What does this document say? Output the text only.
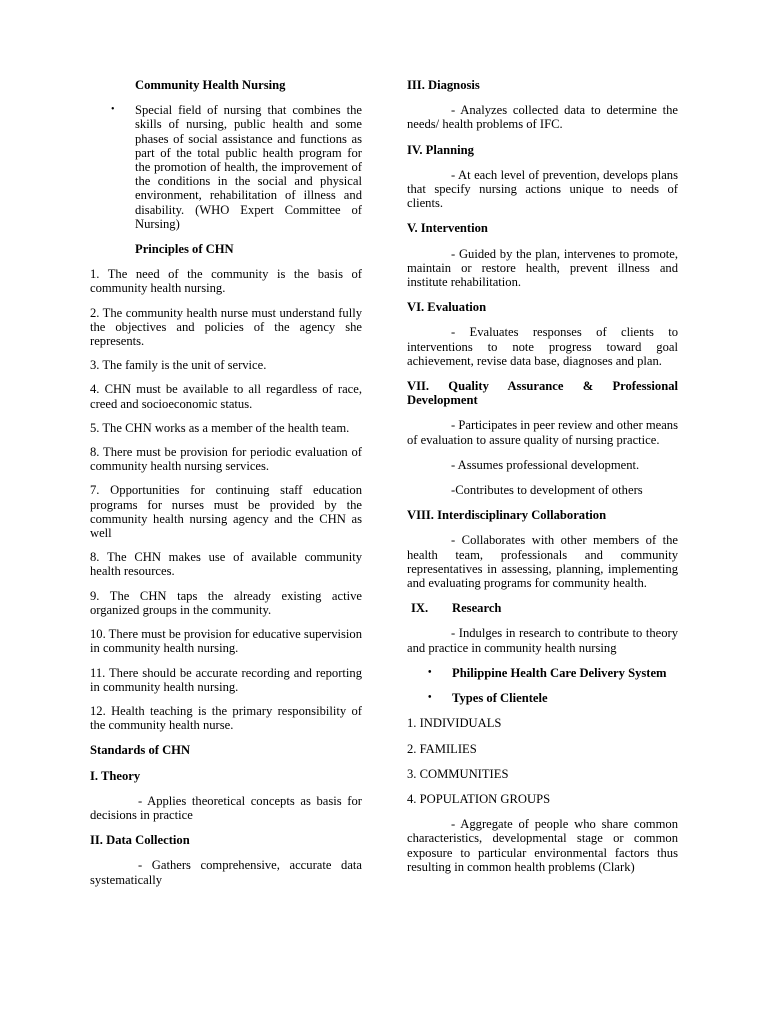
Community Health Nursing

• Special field of nursing that combines the skills of nursing, public health and some phases of social assistance and functions as part of the total public health program for the promotion of health, the improvement of the conditions in the social and physical environment, rehabilitation of illness and disability. (WHO Expert Committee of Nursing)

Principles of CHN

1. The need of the community is the basis of community health nursing.

2. The community health nurse must understand fully the objectives and policies of the agency she represents.

3. The family is the unit of service.

4. CHN must be available to all regardless of race, creed and socioeconomic status.

5. The CHN works as a member of the health team.

8. There must be provision for periodic evaluation of community health nursing services.

7. Opportunities for continuing staff education programs for nurses must be provided by the community health nursing agency and the CHN as well

8. The CHN makes use of available community health resources.

9. The CHN taps the already existing active organized groups in the community.

10. There must be provision for educative supervision in community health nursing.

11. There should be accurate recording and reporting in community health nursing.

12. Health teaching is the primary responsibility of the community health nurse.

Standards of CHN

I. Theory

- Applies theoretical concepts as basis for decisions in practice

II. Data Collection

- Gathers comprehensive, accurate data systematically

III. Diagnosis

- Analyzes collected data to determine the needs/ health problems of IFC.

IV. Planning

- At each level of prevention, develops plans that specify nursing actions unique to needs of clients.

V. Intervention

- Guided by the plan, intervenes to promote, maintain or restore health, prevent illness and institute rehabilitation.

VI. Evaluation

- Evaluates responses of clients to interventions to note progress toward goal achievement, revise data base, diagnoses and plan.

VII. Quality Assurance & Professional Development

- Participates in peer review and other means of evaluation to assure quality of nursing practice.

- Assumes professional development.

-Contributes to development of others

VIII. Interdisciplinary Collaboration

- Collaborates with other members of the health team, professionals and community representatives in assessing, planning, implementing and evaluating programs for community health.

IX. Research

- Indulges in research to contribute to theory and practice in community health nursing

• Philippine Health Care Delivery System
• Types of Clientele

1. INDIVIDUALS

2. FAMILIES

3. COMMUNITIES

4. POPULATION GROUPS

- Aggregate of people who share common characteristics, developmental stage or common exposure to particular environmental factors thus resulting in common health problems (Clark)
